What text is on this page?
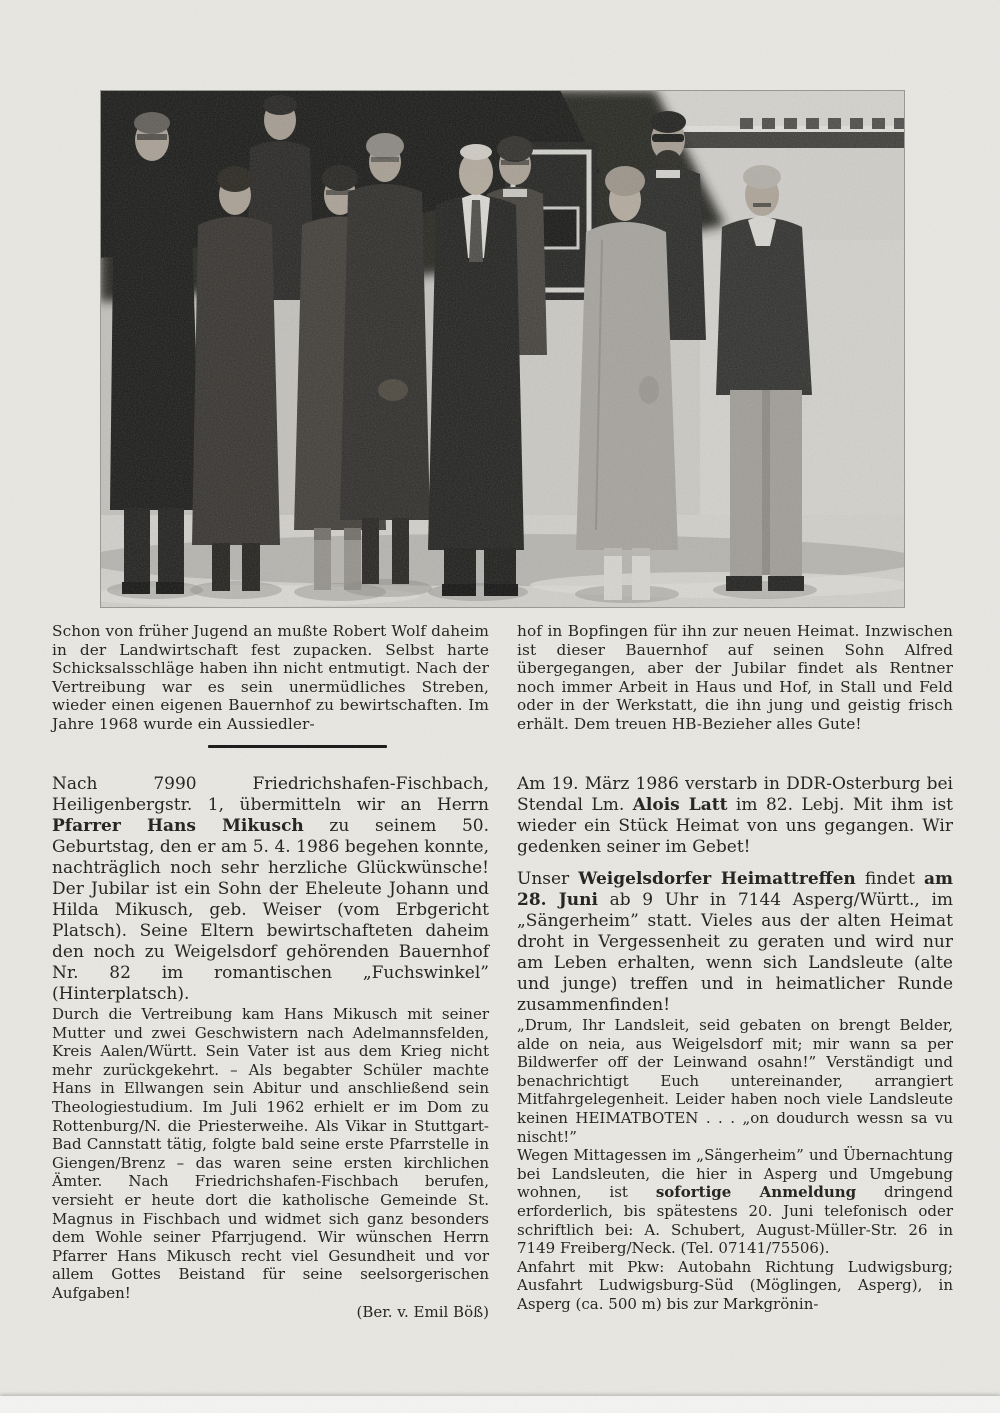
Schon von früher Jugend an mußte Robert Wolf daheim in der Landwirtschaft fest zupacken. Selbst harte Schicksalsschläge haben ihn nicht entmutigt. Nach der Vertreibung war es sein unermüdliches Streben, wieder einen eigenen Bauernhof zu bewirtschaften. Im Jahre 1968 wurde ein Aussiedler-
hof in Bopfingen für ihn zur neuen Heimat. Inzwischen ist dieser Bauernhof auf seinen Sohn Alfred übergegangen, aber der Jubilar findet als Rentner noch immer Arbeit in Haus und Hof, in Stall und Feld oder in der Werkstatt, die ihn jung und geistig frisch erhält. Dem treuen HB-Bezieher alles Gute!

Nach 7990 Friedrichshafen-Fischbach, Heiligenbergstr. 1, übermitteln wir an Herrn Pfarrer Hans Mikusch zu seinem 50. Geburtstag, den er am 5. 4. 1986 begehen konnte, nachträglich noch sehr herzliche Glückwünsche! Der Jubilar ist ein Sohn der Eheleute Johann und Hilda Mikusch, geb. Weiser (vom Erbgericht Platsch). Seine Eltern bewirtschafteten daheim den noch zu Weigelsdorf gehörenden Bauernhof Nr. 82 im romantischen „Fuchswinkel” (Hinterplatsch).

Durch die Vertreibung kam Hans Mikusch mit seiner Mutter und zwei Geschwistern nach Adelmannsfelden, Kreis Aalen/Württ. Sein Vater ist aus dem Krieg nicht mehr zurückgekehrt. – Als begabter Schüler machte Hans in Ellwangen sein Abitur und anschließend sein Theologiestudium. Im Juli 1962 erhielt er im Dom zu Rottenburg/N. die Priesterweihe. Als Vikar in Stuttgart-Bad Cannstatt tätig, folgte bald seine erste Pfarrstelle in Giengen/Brenz – das waren seine ersten kirchlichen Ämter. Nach Friedrichshafen-Fischbach berufen, versieht er heute dort die katholische Gemeinde St. Magnus in Fischbach und widmet sich ganz besonders dem Wohle seiner Pfarrjugend. Wir wünschen Herrn Pfarrer Hans Mikusch recht viel Gesundheit und vor allem Gottes Beistand für seine seelsorgerischen Aufgaben!

(Ber. v. Emil Böß)

Am 19. März 1986 verstarb in DDR-Osterburg bei Stendal Lm. Alois Latt im 82. Lebj. Mit ihm ist wieder ein Stück Heimat von uns gegangen. Wir gedenken seiner im Gebet!

Unser Weigelsdorfer Heimattreffen findet am 28. Juni ab 9 Uhr in 7144 Asperg/Württ., im „Sängerheim” statt. Vieles aus der alten Heimat droht in Vergessenheit zu geraten und wird nur am Leben erhalten, wenn sich Landsleute (alte und junge) treffen und in heimatlicher Runde zusammenfinden!

„Drum, Ihr Landsleit, seid gebaten on brengt Belder, alde on neia, aus Weigelsdorf mit; mir wann sa per Bildwerfer off der Leinwand osahn!” Verständigt und benachrichtigt Euch untereinander, arrangiert Mitfahrgelegenheit. Leider haben noch viele Landsleute keinen HEIMATBOTEN . . . „on doudurch wessn sa vu nischt!”

Wegen Mittagessen im „Sängerheim” und Übernachtung bei Landsleuten, die hier in Asperg und Umgebung wohnen, ist sofortige Anmeldung dringend erforderlich, bis spätestens 20. Juni telefonisch oder schriftlich bei: A. Schubert, August-Müller-Str. 26 in 7149 Freiberg/Neck. (Tel. 07141/75506).

Anfahrt mit Pkw: Autobahn Richtung Ludwigsburg; Ausfahrt Ludwigsburg-Süd (Möglingen, Asperg), in Asperg (ca. 500 m) bis zur Markgrönin-
